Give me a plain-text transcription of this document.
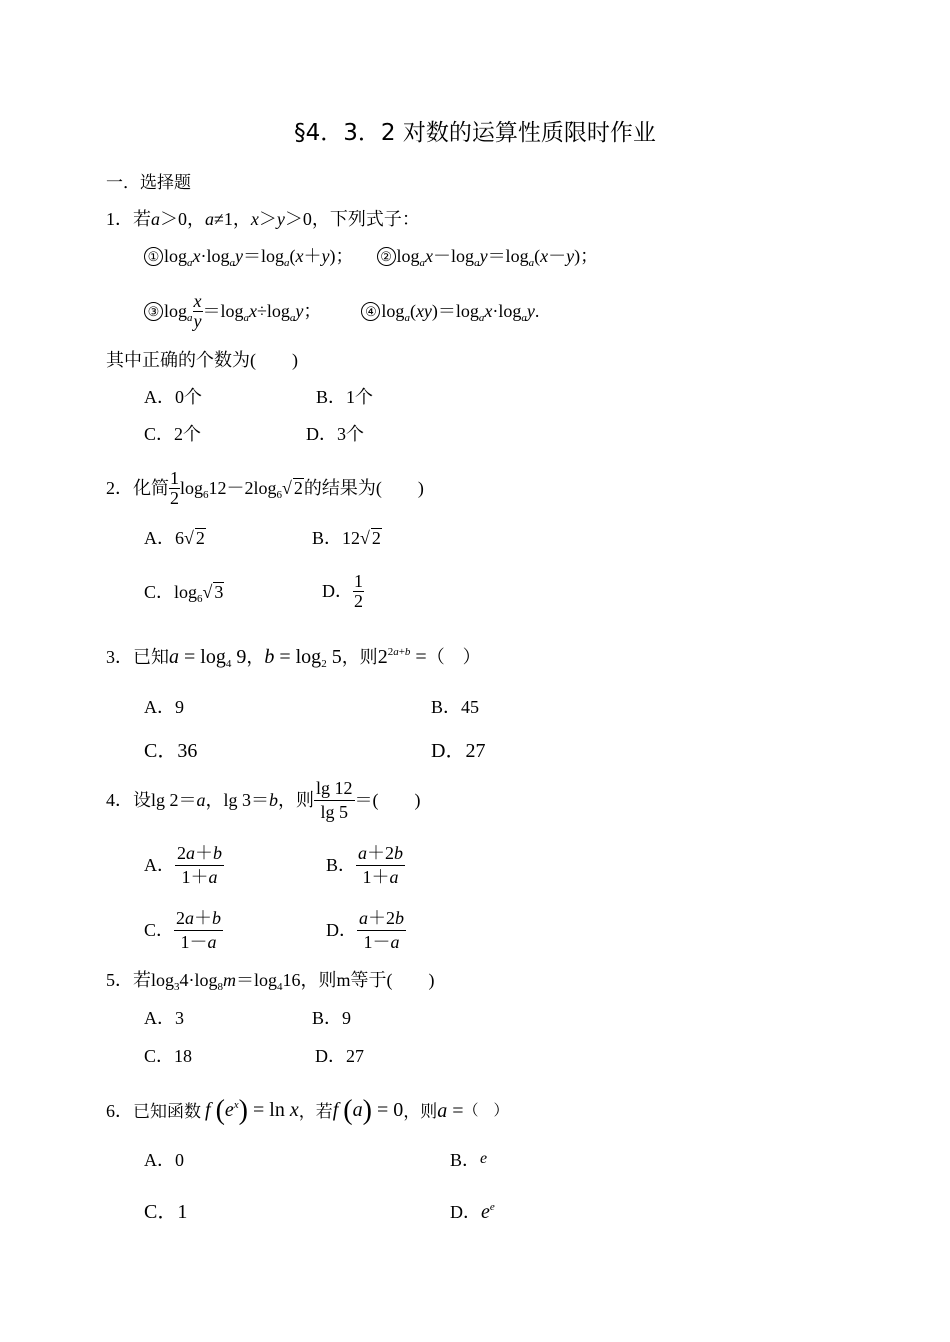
§4．3．2 对数的运算性质限时作业
一．选择题
1．若a＞0，a≠1，x＞y＞0，下列式子：
① $\log_ax\cdot\log_ay=\log_a(x+y)$；  ② $\log_ax-\log_ay=\log_a(x-y)$；
③ $\log_a \frac{x}{y} =\log_ax\div\log_ay$；	④ $\log_a(xy)=\log_ax\cdot\log_ay$.
其中正确的个数为(　　)
A．0个	B．1个
C．2个	D．3个
2． 化简 $\frac{1}{2} \log_612-2\log_6$ √ 2 的结果为(　　)
A．6√ 2	B．12√ 2
C．$\log_6√$ 3	D． $\frac{1}{2}$
3．已知$a = \log_4 9$，$b = \log_2 5$，则$2^{2a+b}$ =（　）
A．9	B．45
C．36	D．27
4． 设 lg 2＝a，lg 3＝b ，则 $\frac{\lg 12}{\lg 5}$ ＝(　　)
A． $\frac{2a+b}{1+a}$	B． $\frac{a+2b}{1+a}$
C． $\frac{2a+b}{1-a}$	D． $\frac{a+2b}{1-a}$
5．若$\log_34\cdot\log_8m=\log_416$，则m等于(　　)
A．3	B．9
C．18	D．27
6． 已知函数 f $(e^x) = \ln x$ ，若 f (a) = 0 ，则 a = （　）
A．0	B．e
C．1	D．$e^e$
